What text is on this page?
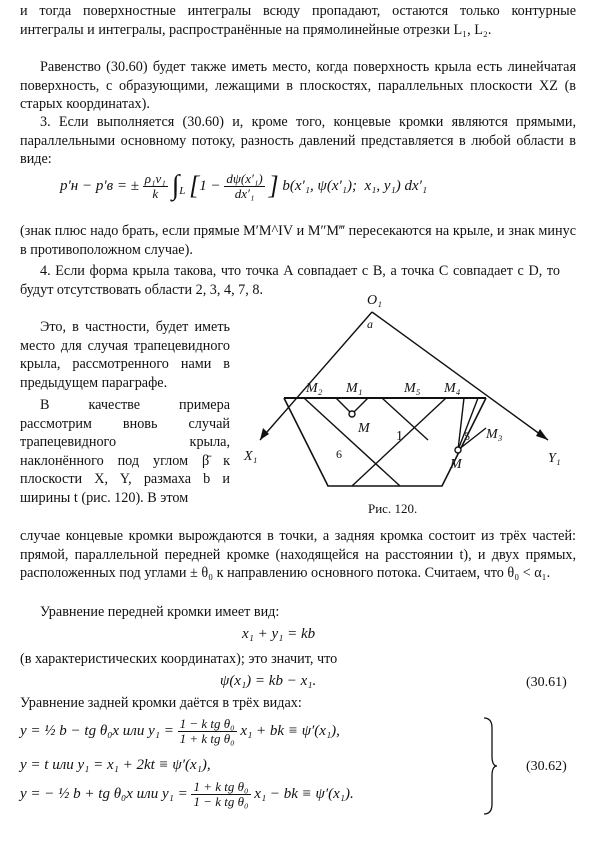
и тогда поверхностные интегралы всюду пропадают, остаются только контурные интегралы и интегралы, распространённые на прямолинейные отрезки L₁, L₂.

Равенство (30.60) будет также иметь место, когда поверхность крыла есть линейчатая поверхность, с образующими, лежащими в плоскостях, параллельных плоскости XZ (в старых координатах).

3. Если выполняется (30.60) и, кроме того, концевые кромки являются прямыми, параллельными основному потоку, разность давлений представляется в любой области в виде:

p′н − p′в = ± $\frac{\text{ρ₁v₁}}{k} \int_L$ [$1 - \frac{\text{dψ(x′₁)}}{\text{dx′₁}}$ ] b(x′₁, ψ(x′₁);  x₁, y₁) dx′₁

(знак плюс надо брать, если прямые M′M^IV и M″M‴ пересекаются на крыле, и знак минус в противоположном случае).

4. Если форма крыла такова, что точка A совпадает с B, а точка C совпадает с D, то будут отсутствовать области 2, 3, 4, 7, 8.

Это, в частности, будет иметь место для случая трапецевидного крыла, рассмотренного нами в предыдущем параграфе.

В качестве примера рассмотрим вновь случай трапецевидного крыла, наклонённого под углом β̄ к плоскости X, Y, размаха b и ширины t (рис. 120). В этом

случае концевые кромки вырождаются в точки, а задняя кромка состоит из трёх частей: прямой, параллельной передней кромке (находящейся на расстоянии t), и двух прямых, расположенных под углами ± θ₀ к направлению основного потока. Считаем, что θ₀ < α₁.

Уравнение передней кромки имеет вид:

x₁ + y₁ = kb

(в характеристических координатах); это значит, что

ψ(x₁) = kb − x₁.	(30.61)

Уравнение задней кромки даётся в трёх видах:

y = ½ b − tg θ₀x или $y_1 = \frac{\text{1 − k tg θ₀}}{\text{1 + k tg θ₀}} x_1$ + bk ≡ ψ′(x₁),
y = t или y₁ = x₁ + 2kt ≡ ψ′(x₁),
y = − ½ b + tg θ₀x или $y_1 = \frac{\text{1 + k tg θ₀}}{\text{1 − k tg θ₀}} x_1$ − bk ≡ ψ′(x₁).
(30.62)
O₁
a
M₂ M₁	M₅ M₄
M₃
M
M
1	5
6
X₁	Y₁
Рис. 120.
